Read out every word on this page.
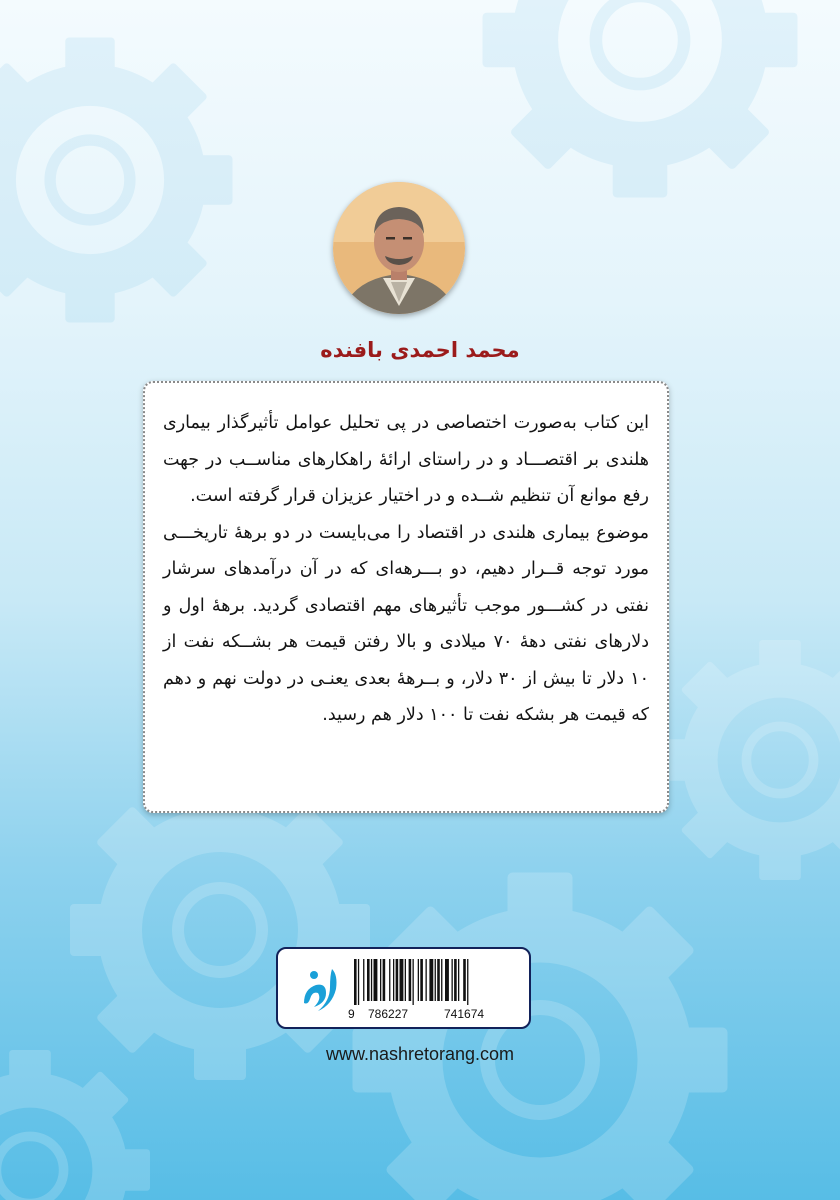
محمد احمدی بافنده

این کتاب به‌صورت اختصاصی در پی تحلیل عوامل تأثیرگذار بیماری هلندی بر اقتصـــاد و در راستای ارائهٔ راهکارهای مناســب در جهت رفع موانع آن تنظیم شــده و در اختیار عزیزان قرار گرفته است.

موضوع بیماری هلندی در اقتصاد را می‌بایست در دو برههٔ تاریخـــی مورد توجه قــرار دهیم، دو بـــرهه‌ای که در آن درآمدهای سرشار نفتی در کشـــور موجب تأثیرهای مهم اقتصادی گردید. برههٔ اول و دلارهای نفتی دههٔ ۷۰ میلادی و بالا رفتن قیمت هر بشــکه نفت از ۱۰ دلار تا بیش از ۳۰ دلار، و بــرههٔ بعدی یعنـی در دولت نهم و دهم که قیمت هر بشکه نفت تا ۱۰۰ دلار هم رسید.

9 786227	741674
www.nashretorang.com
